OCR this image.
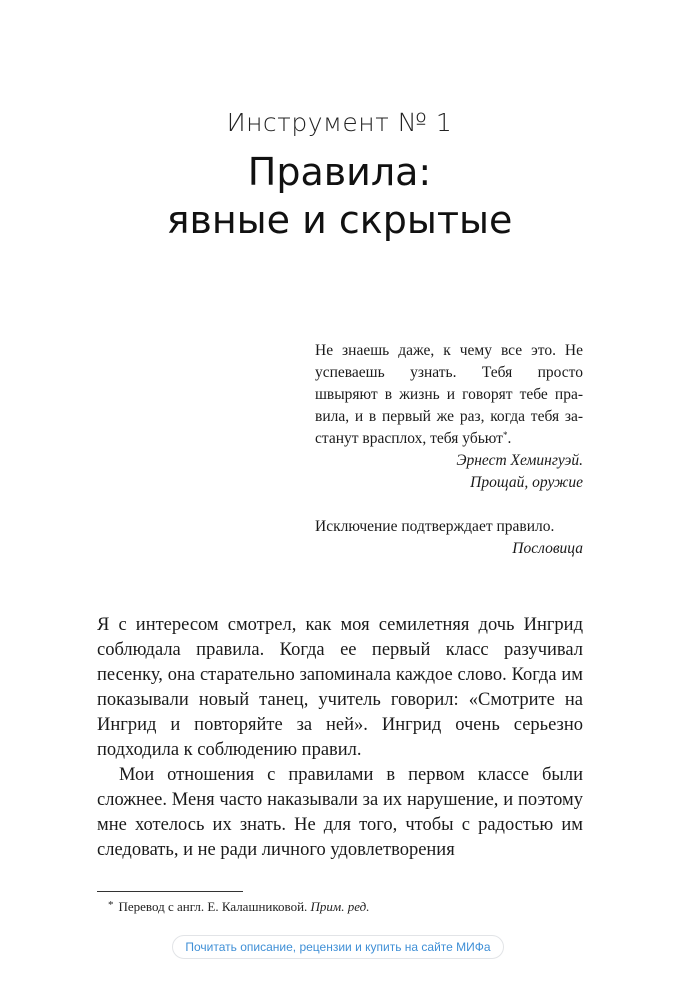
Инструмент № 1
Правила:
явные и скрытые
Не знаешь даже, к чему все это. Не успеваешь узнать. Тебя просто швыряют в жизнь и говорят тебе правила, и в первый же раз, когда тебя застанут врасплох, тебя убьют*.
Эрнест Хемингуэй.
Прощай, оружие
Исключение подтверждает правило.
Пословица

Я с интересом смотрел, как моя семилетняя дочь Ингрид соблюдала правила. Когда ее первый класс разучивал песенку, она старательно запоминала каждое слово. Когда им показывали новый танец, учитель говорил: «Смотрите на Ингрид и повторяйте за ней». Ингрид очень серьезно подходила к соблюдению правил.

Мои отношения с правилами в первом классе были сложнее. Меня часто наказывали за их нарушение, и поэтому мне хотелось их знать. Не для того, чтобы с радостью им следовать, и не ради личного удовлетворения

* Перевод с англ. Е. Калашниковой. Прим. ред.
Почитать описание, рецензии и купить на сайте МИФа
